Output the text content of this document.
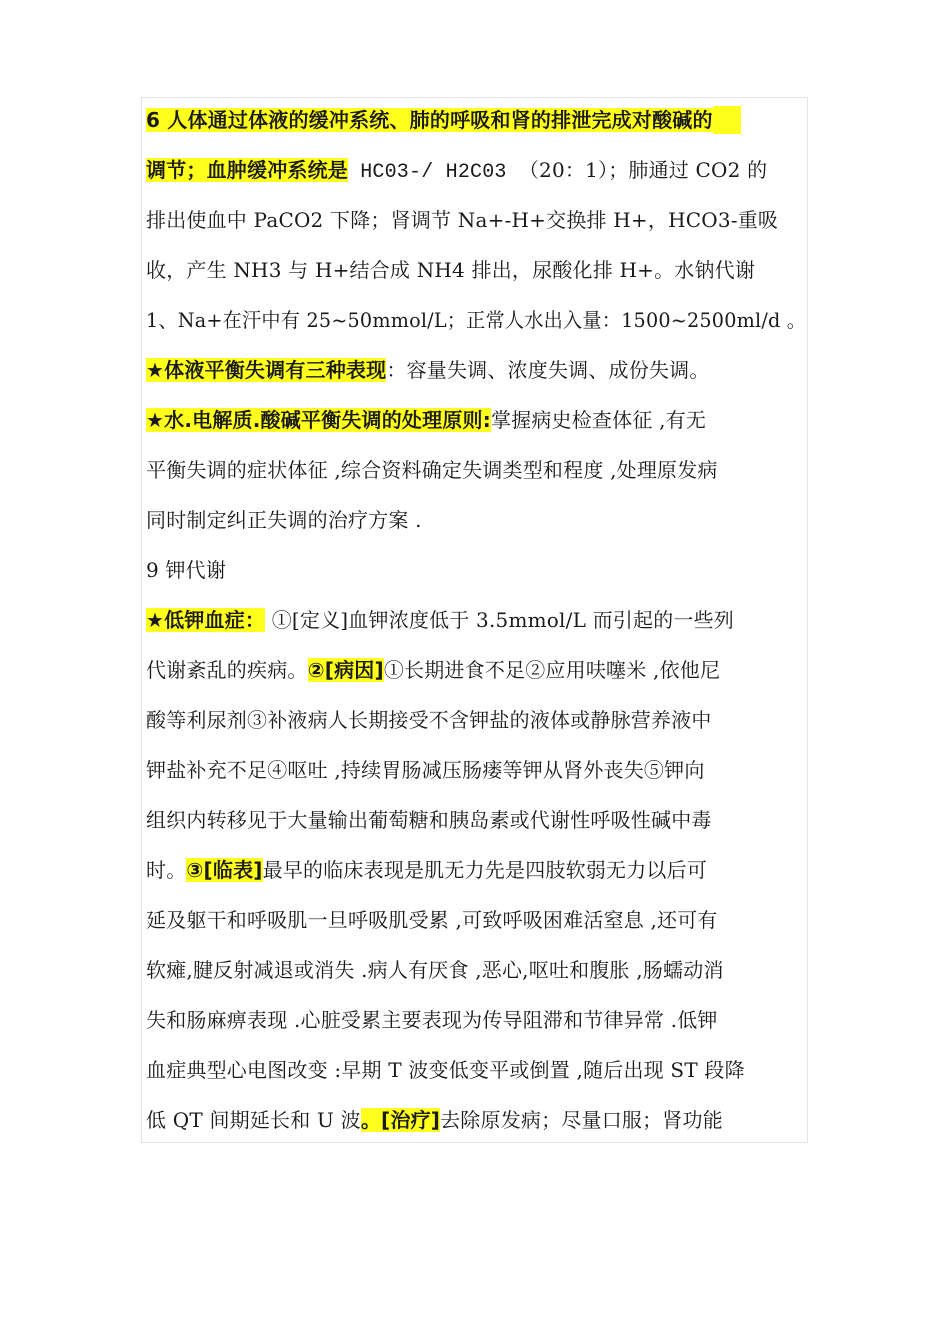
6 人体通过体液的缓冲系统、肺的呼吸和肾的排泄完成对酸碱的
调节；血肿缓冲系统是 HC03-/ H2C03 （20：1）；肺通过 CO2 的
排出使血中 PaCO2 下降；肾调节 Na+-H+交换排 H+，HCO3-重吸
收，产生 NH3 与 H+结合成 NH4 排出，尿酸化排 H+。水钠代谢
1、Na+在汗中有 25~50mmol/L；正常人水出入量：1500~2500ml/d 。
★体液平衡失调有三种表现：容量失调、浓度失调、成份失调。
★水.电解质.酸碱平衡失调的处理原则:掌握病史检查体征 ,有无
平衡失调的症状体征 ,综合资料确定失调类型和程度 ,处理原发病
同时制定纠正失调的治疗方案 .
9 钾代谢
★低钾血症： ①[定义]血钾浓度低于 3.5mmol/L 而引起的一些列
代谢紊乱的疾病。②[病因]①长期进食不足②应用呋噻米 ,依他尼
酸等利尿剂③补液病人长期接受不含钾盐的液体或静脉营养液中
钾盐补充不足④呕吐 ,持续胃肠减压肠瘘等钾从肾外丧失⑤钾向
组织内转移见于大量输出葡萄糖和胰岛素或代谢性呼吸性碱中毒
时。③[临表]最早的临床表现是肌无力先是四肢软弱无力以后可
延及躯干和呼吸肌一旦呼吸肌受累 ,可致呼吸困难活窒息 ,还可有
软瘫,腱反射减退或消失 .病人有厌食 ,恶心,呕吐和腹胀 ,肠蠕动消
失和肠麻痹表现 .心脏受累主要表现为传导阻滞和节律异常 .低钾
血症典型心电图改变 :早期 T 波变低变平或倒置 ,随后出现 ST 段降
低 QT 间期延长和 U 波。[治疗]去除原发病；尽量口服；肾功能
